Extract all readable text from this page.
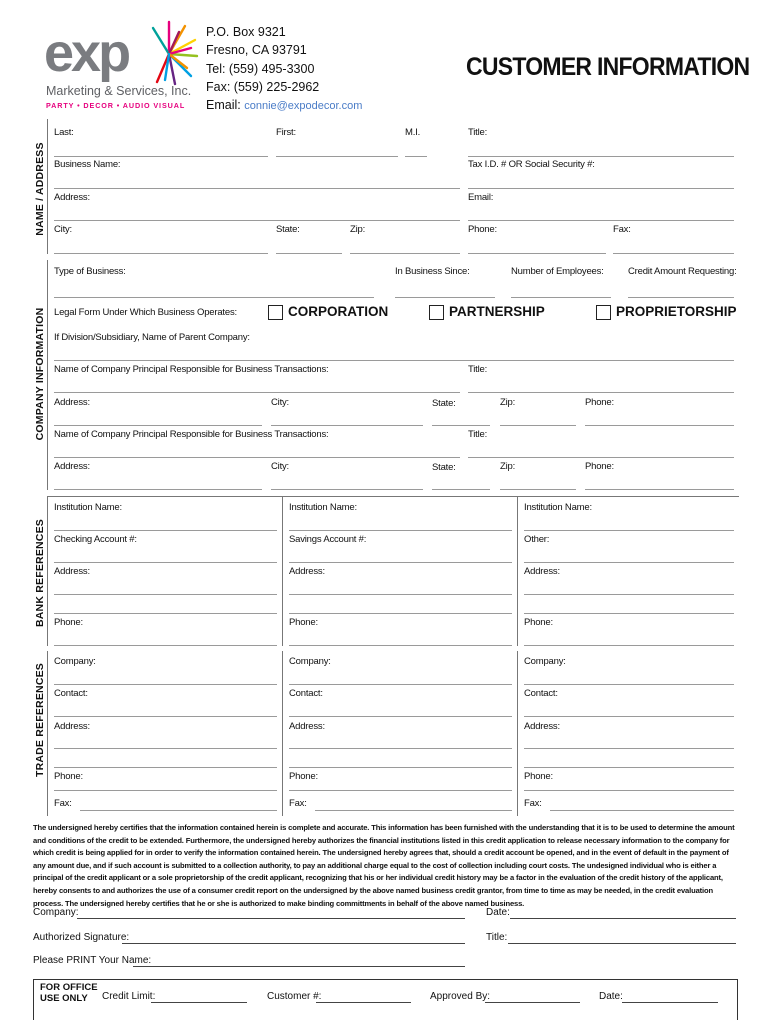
exp
Marketing & Services, Inc.
PARTY • DECOR • AUDIO VISUAL
P.O. Box 9321
Fresno, CA 93791
Tel: (559) 495-3300
Fax: (559) 225-2962
Email: connie@expodecor.com
CUSTOMER INFORMATION
NAME / ADDRESS
Last:	First:	M.I.	Title:
Business Name:	Tax I.D. # OR Social Security #:
Address:	Email:
City:	State:	Zip:	Phone:	Fax:
COMPANY INFORMATION
Type of Business:	In Business Since:	Number of Employees:	Credit Amount Requesting:
Legal Form Under Which Business Operates:	CORPORATION	PARTNERSHIP	PROPRIETORSHIP
If Division/Subsidiary, Name of Parent Company:
Name of Company Principal Responsible for Business Transactions:	Title:
Address:	City:	State:	Zip:	Phone:
Name of Company Principal Responsible for Business Transactions:	Title:
Address:	City:	State:	Zip:	Phone:
BANK REFERENCES
Institution Name:	Institution Name:	Institution Name:
Checking Account #:	Savings Account #:	Other:
Address:	Address:	Address:
Phone:	Phone:	Phone:
TRADE REFERENCES
Company:	Company:	Company:
Contact:	Contact:	Contact:
Address:	Address:	Address:
Phone:	Phone:	Phone:
Fax:	Fax:	Fax:
The undersigned hereby certifies that the information contained herein is complete and accurate. This information has been furnished with the understanding that it is to be used to determine the amount and conditions of the credit to be extended. Furthermore, the undersigned hereby authorizes the financial institutions listed in this credit application to release necessary information to the company for which credit is being applied for in order to verify the information contained herein. The undersigned hereby agrees that, should a credit account be opened, and in the event of default in the payment of any amount due, and if such account is submitted to a collection authority, to pay an additional charge equal to the cost of collection including court costs. The undesigned individual who is either a principal of the credit applicant or a sole proprietorship of the credit applicant, recognizing that his or her individual credit history may be a factor in the evaluation of the credit history of the applicant, hereby consents to and authorizes the use of a consumer credit report on the undersigned by the above named business credit grantor, from time to time as may be needed, in the credit evaluation process. The undersigned hereby certifies that he or she is authorized to make binding committments in behalf of the above named business.
Company:	Date:
Authorized Signature:	Title:
Please PRINT Your Name:
FOR OFFICE
USE ONLY	Credit Limit:	Customer #:	Approved By:	Date:
